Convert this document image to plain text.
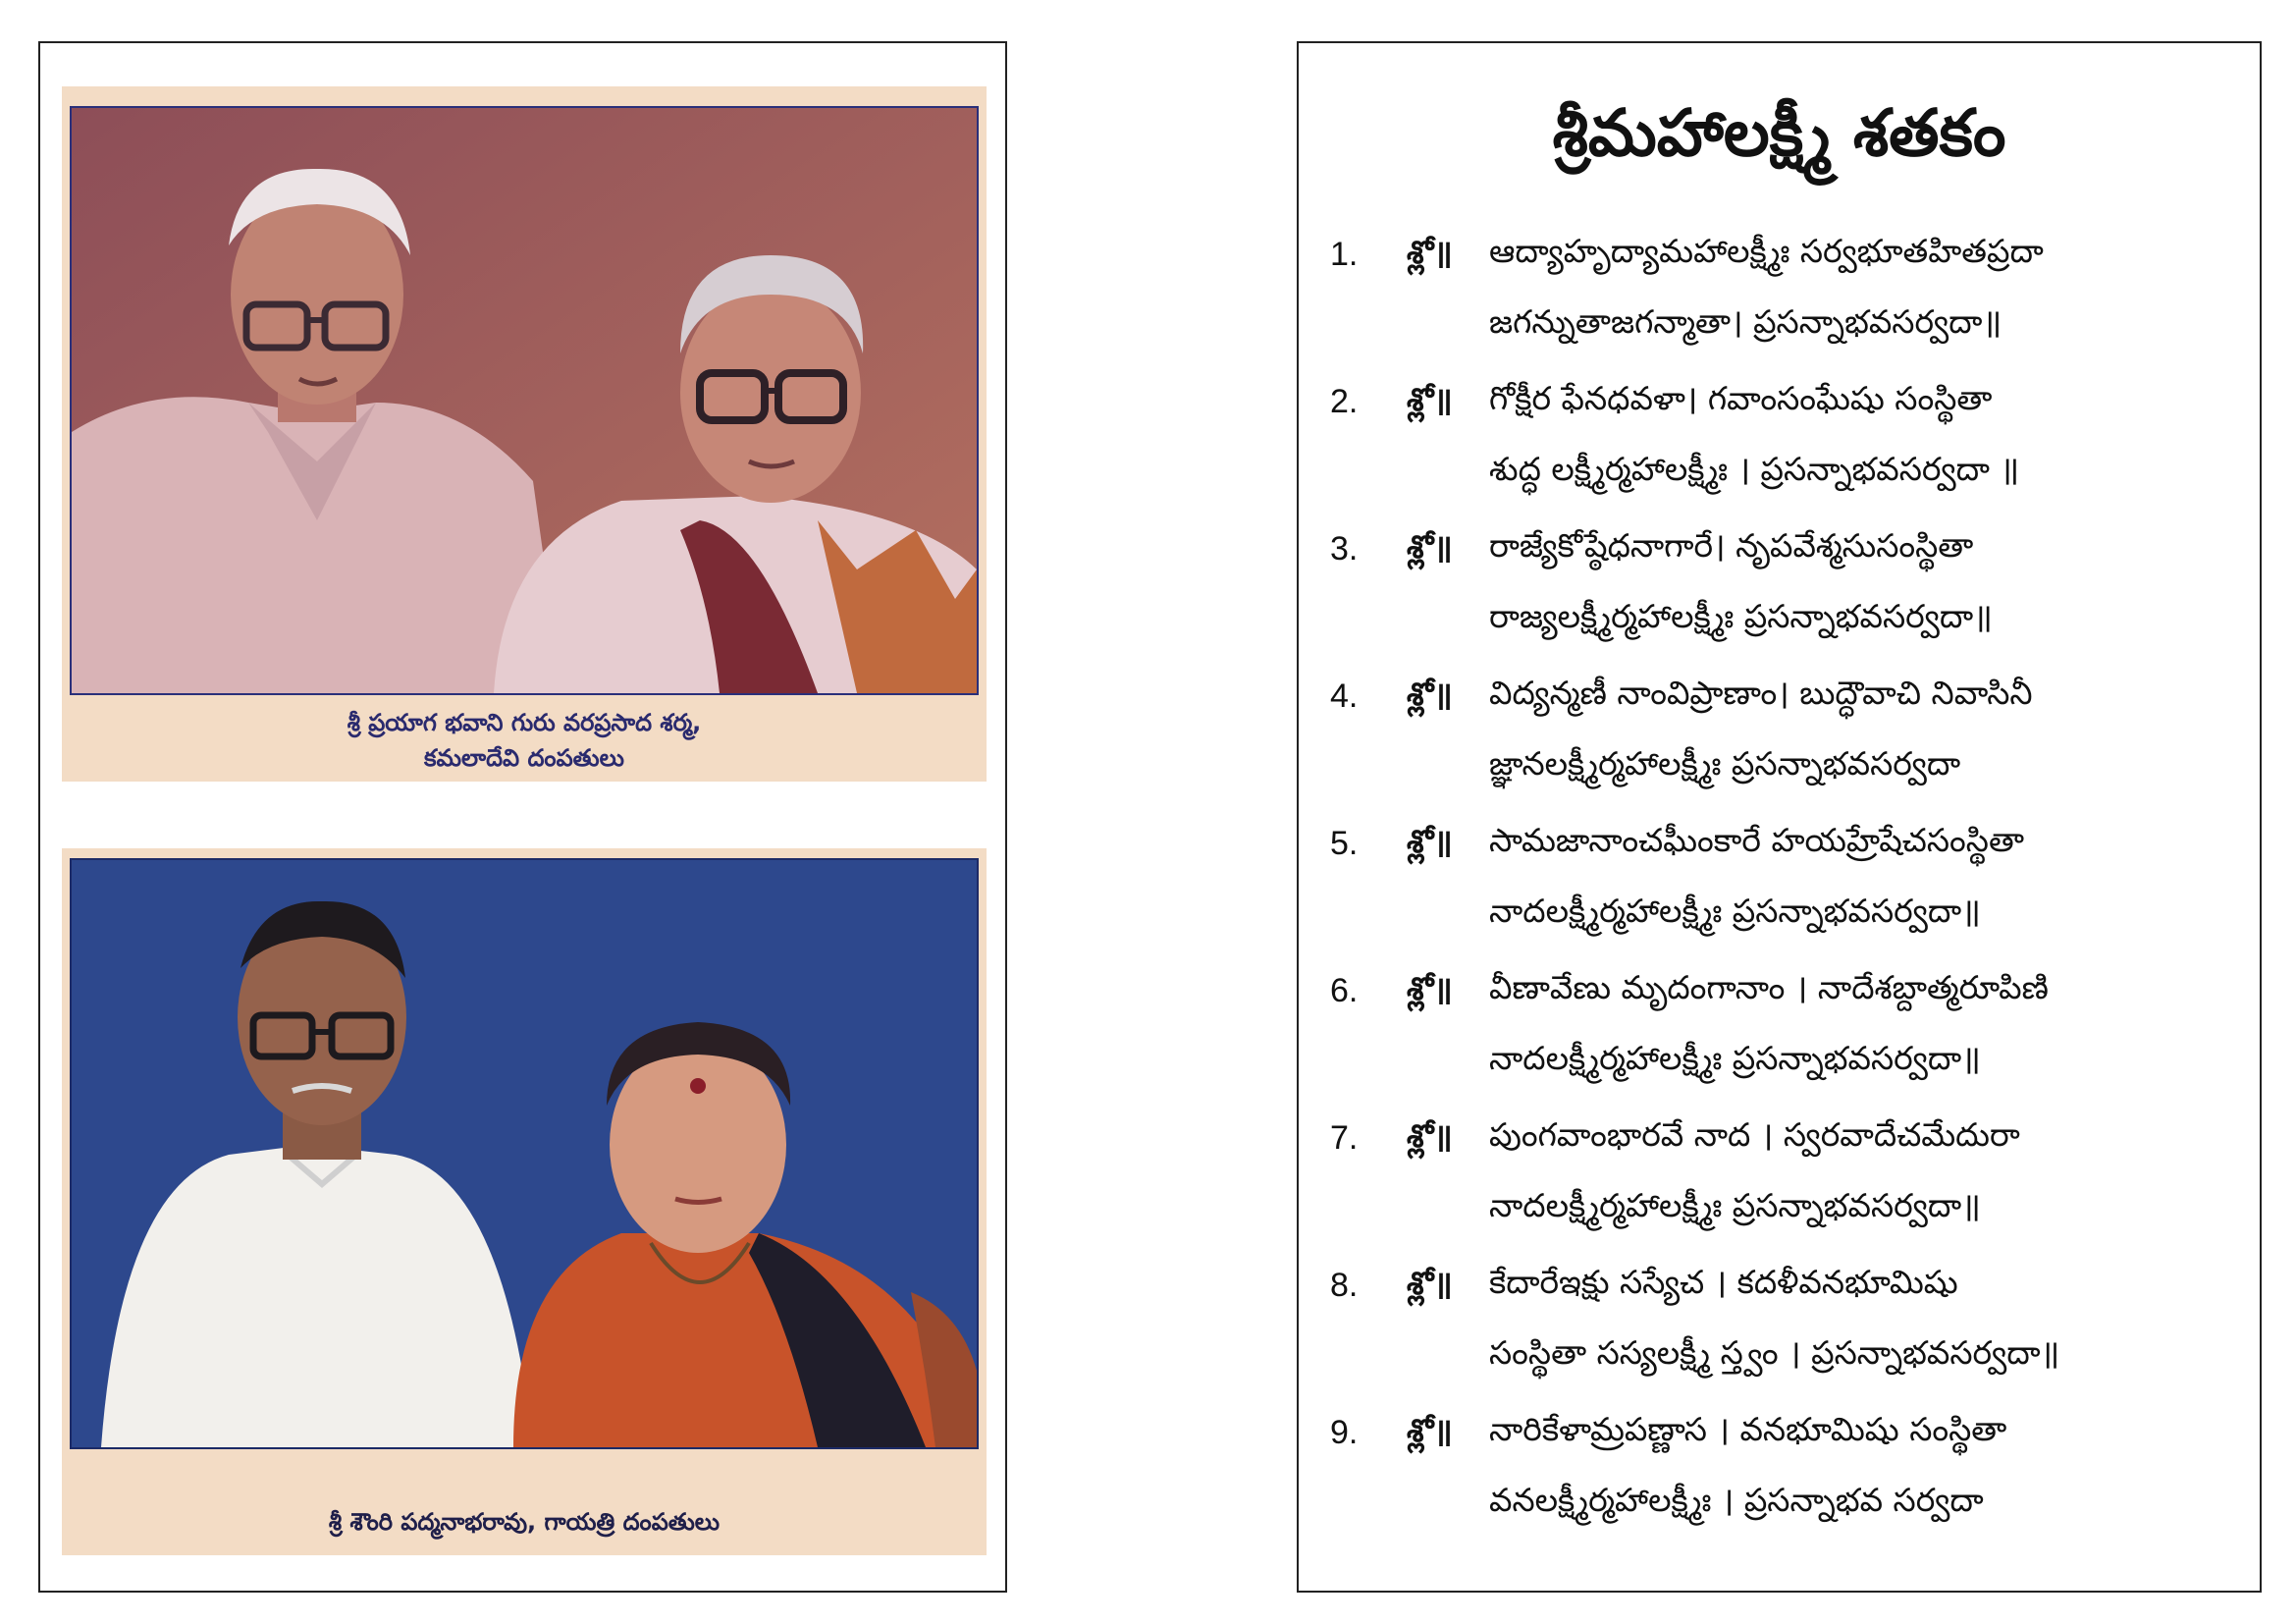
శ్రీ ప్రయాగ భవాని గురు వరప్రసాద శర్మ,
కమలాదేవి దంపతులు
శ్రీ శౌంరి పద్మనాభరావు, గాయత్రి దంపతులు
శ్రీమహాలక్ష్మీ శతకం
1.	శ్లో॥ ఆద్యాహృద్యామహాలక్ష్మీః సర్వభూతహితప్రదా
జగన్నుతాజగన్మాతా। ప్రసన్నాభవసర్వదా॥
2.	శ్లో॥ గోక్షీర ఫేనధవళా। గవాంసంఘేషు సంస్థితా
శుద్ధ లక్ష్మీర్మహాలక్ష్మీః । ప్రసన్నాభవసర్వదా ॥
3.	శ్లో॥ రాజ్యేకోష్ఠేధనాగారే। నృపవేశ్మసుసంస్థితా
రాజ్యలక్ష్మీర్మహాలక్ష్మీః ప్రసన్నాభవసర్వదా॥
4.	శ్లో॥ విద్యన్మణీ నాంవిప్రాణాం। బుద్ధౌవాచి నివాసినీ
జ్ఞానలక్ష్మీర్మహాలక్ష్మీః ప్రసన్నాభవసర్వదా
5.	శ్లో॥ సామజానాంచఘీంకారే హయహ్రేషేచసంస్థితా
నాదలక్ష్మీర్మహాలక్ష్మీః ప్రసన్నాభవసర్వదా॥
6.	శ్లో॥ వీణావేణు మృదంగానాం । నాదేశబ్దాత్మరూపిణి
నాదలక్ష్మీర్మహాలక్ష్మీః ప్రసన్నాభవసర్వదా॥
7.	శ్లో॥ పుంగవాంభారవే నాద । స్వరవాదేచమేదురా
నాదలక్ష్మీర్మహాలక్ష్మీః ప్రసన్నాభవసర్వదా॥
8.	శ్లో॥ కేదారేఇక్షు సస్యేచ । కదళీవనభూమిషు
సంస్థితా సస్యలక్ష్మీ స్త్వం । ప్రసన్నాభవసర్వదా॥
9.	శ్లో॥ నారికేళామ్రపణ్ణాస । వనభూమిషు సంస్థితా
వనలక్ష్మీర్మహాలక్ష్మీః । ప్రసన్నాభవ సర్వదా
